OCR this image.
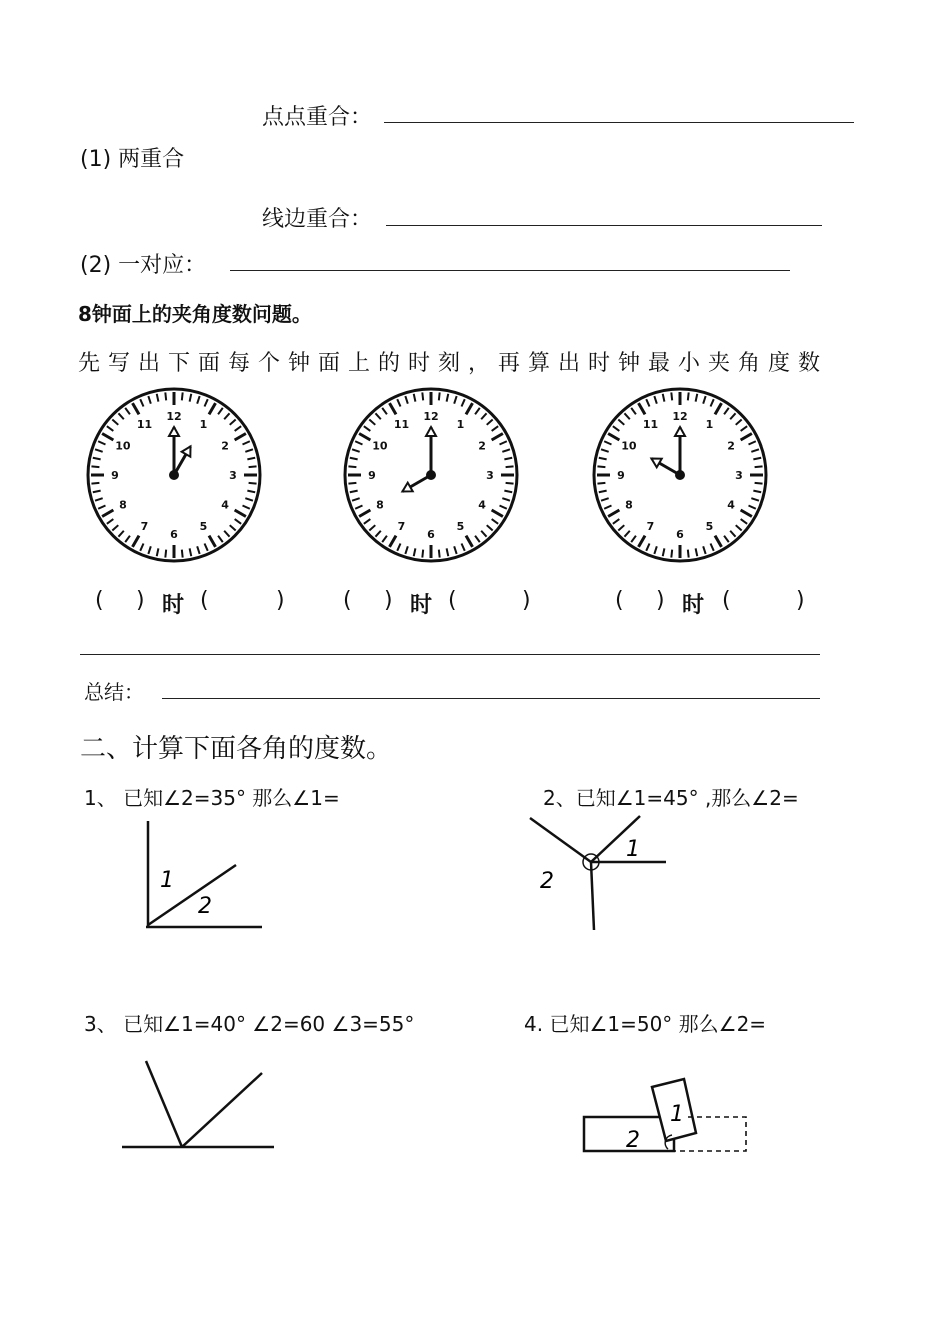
点点重合：
(1) 两重合
线边重合：
(2) 一对应：
8钟面上的夹角度数问题。
先写出下面每个钟面上的时刻，再算出时钟最小夹角度数
12
1
2
3
4
5
6
7
8
9
10
11
12
1
2
3
4
5
6
7
8
9
10
11
12
1
2
3
4
5
6
7
8
9
10
11
( ) 时 (	)	( ) 时 (	)	( ) 时 (	)
总结：
二、计算下面各角的度数。
1、 已知∠2=35° 那么∠1=	2、已知∠1=45° ,那么∠2=
1
2
1
2
3、 已知∠1=40° ∠2=60 ∠3=55°	4. 已知∠1=50° 那么∠2=
2
1
